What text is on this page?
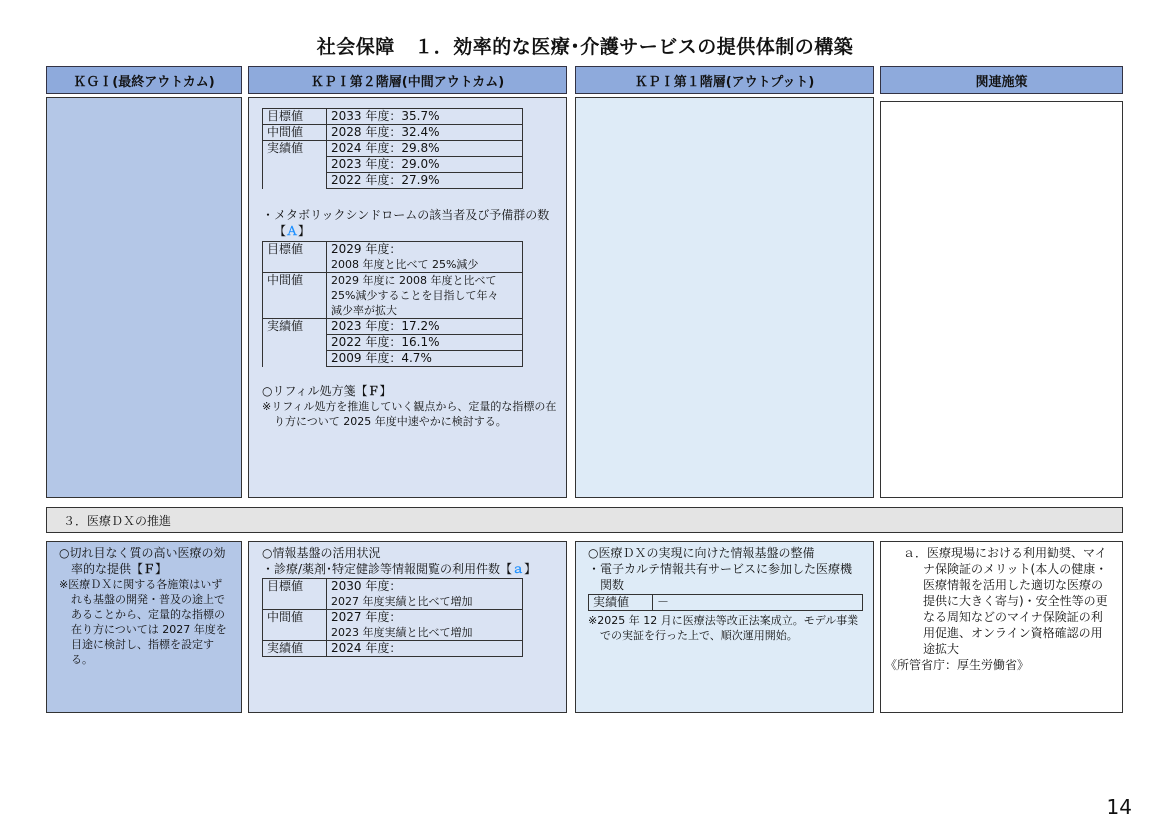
社会保障　１．効率的な医療･介護サービスの提供体制の構築
ＫＧＩ(最終アウトカム)	ＫＰＩ第２階層(中間アウトカム)	ＫＰＩ第１階層(アウトプット)	関連施策
目標値	2033 年度：35.7%
中間値	2028 年度：32.4%
実績値	2024 年度：29.8%
	2023 年度：29.0%
	2022 年度：27.9%
・メタボリックシンドロームの該当者及び予備群の数【Ａ】
目標値	2029 年度：
	2008 年度と比べて 25%減少
中間値	2029 年度に 2008 年度と比べて
	25%減少することを目指して年々
	減少率が拡大
実績値	2023 年度：17.2%
	2022 年度：16.1%
	2009 年度：4.7%
○リフィル処方箋【Ｆ】
※リフィル処方を推進していく観点から、定量的な指標の在り方について 2025 年度中速やかに検討する。
３．医療ＤＸの推進
○切れ目なく質の高い医療の効率的な提供【Ｆ】
※医療ＤＸに関する各施策はいずれも基盤の開発・普及の途上であることから、定量的な指標の在り方については 2027 年度を目途に検討し、指標を設定する。
○情報基盤の活用状況
・診療/薬剤･特定健診等情報閲覧の利用件数【ａ】
目標値	2030 年度：
	2027 年度実績と比べて増加
中間値	2027 年度：
	2023 年度実績と比べて増加
実績値	2024 年度：
○医療ＤＸの実現に向けた情報基盤の整備
・電子カルテ情報共有サービスに参加した医療機関数
実績値	－
※2025 年 12 月に医療法等改正法案成立。モデル事業での実証を行った上で、順次運用開始。
ａ．医療現場における利用勧奨、マイナ保険証のメリット(本人の健康・医療情報を活用した適切な医療の提供に大きく寄与)・安全性等の更なる周知などのマイナ保険証の利用促進、オンライン資格確認の用途拡大
《所管省庁：厚生労働省》
14
